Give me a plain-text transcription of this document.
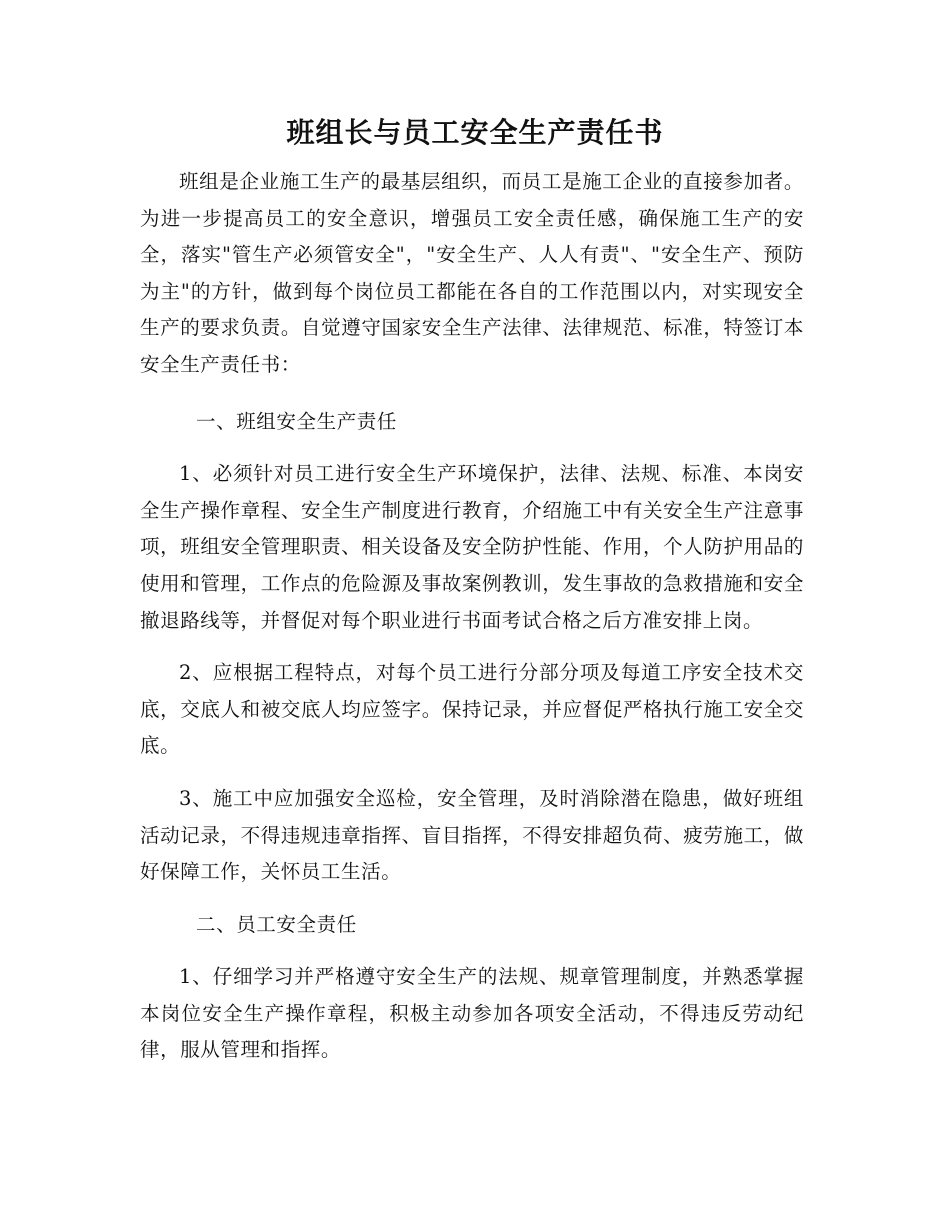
班组长与员工安全生产责任书

班组是企业施工生产的最基层组织，而员工是施工企业的直接参加者。为进一步提高员工的安全意识，增强员工安全责任感，确保施工生产的安全，落实"管生产必须管安全"，"安全生产、人人有责"、"安全生产、预防为主"的方针，做到每个岗位员工都能在各自的工作范围以内，对实现安全生产的要求负责。自觉遵守国家安全生产法律、法律规范、标准，特签订本安全生产责任书：

一、班组安全生产责任

1、必须针对员工进行安全生产环境保护，法律、法规、标准、本岗安全生产操作章程、安全生产制度进行教育，介绍施工中有关安全生产注意事项，班组安全管理职责、相关设备及安全防护性能、作用，个人防护用品的使用和管理，工作点的危险源及事故案例教训，发生事故的急救措施和安全撤退路线等，并督促对每个职业进行书面考试合格之后方准安排上岗。

2、应根据工程特点，对每个员工进行分部分项及每道工序安全技术交底，交底人和被交底人均应签字。保持记录，并应督促严格执行施工安全交底。

3、施工中应加强安全巡检，安全管理，及时消除潜在隐患，做好班组活动记录，不得违规违章指挥、盲目指挥，不得安排超负荷、疲劳施工，做好保障工作，关怀员工生活。

二、员工安全责任

1、仔细学习并严格遵守安全生产的法规、规章管理制度，并熟悉掌握本岗位安全生产操作章程，积极主动参加各项安全活动，不得违反劳动纪律，服从管理和指挥。
